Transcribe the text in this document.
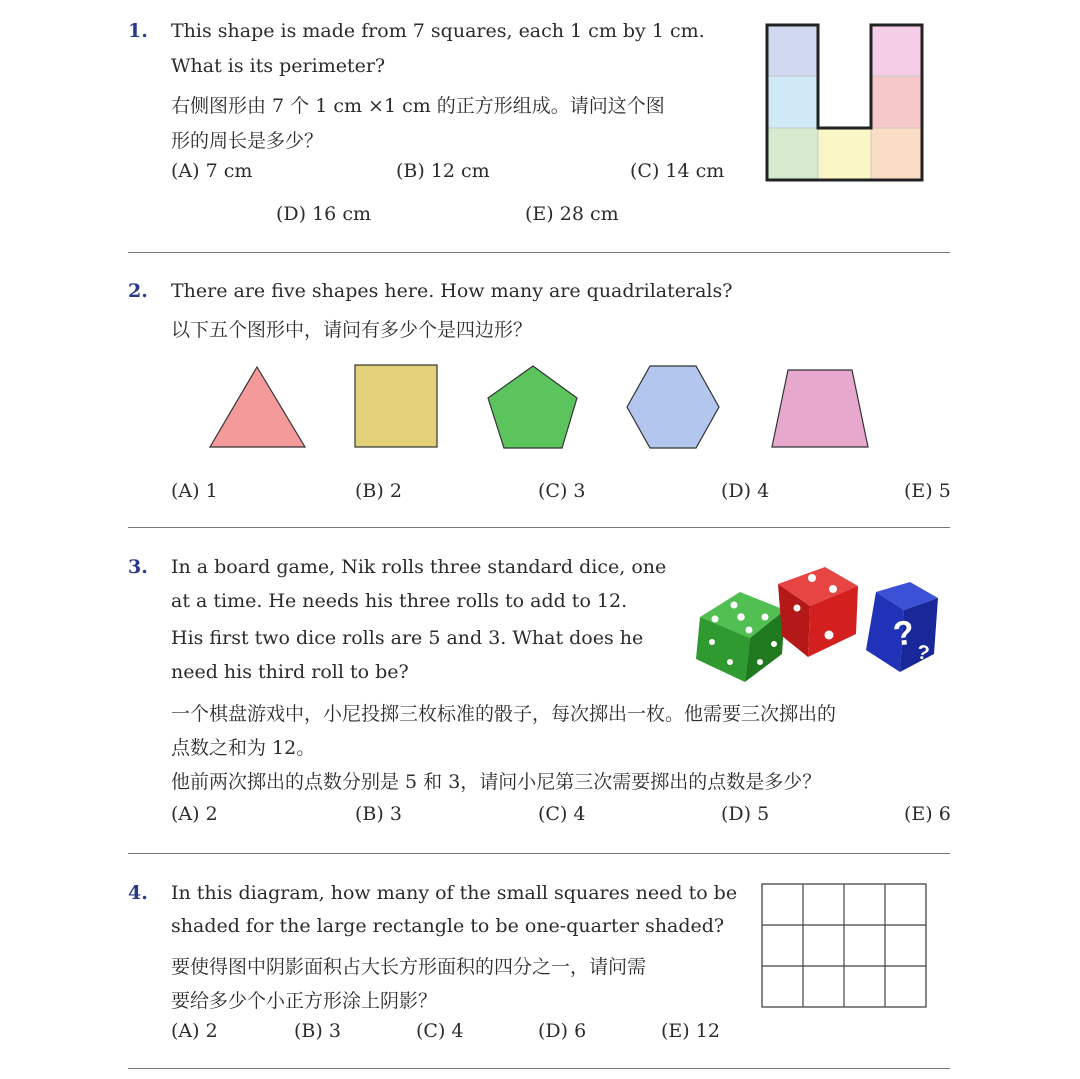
1. This shape is made from 7 squares, each 1 cm by 1 cm.
What is its perimeter?
右侧图形由 7 个 1 cm ×1 cm 的正方形组成。请问这个图
形的周长是多少？
(A) 7 cm	(B) 12 cm	(C) 14 cm
(D) 16 cm	(E) 28 cm
2. There are five shapes here. How many are quadrilaterals?
以下五个图形中，请问有多少个是四边形？
(A) 1	(B) 2	(C) 3	(D) 4	(E) 5
3. In a board game, Nik rolls three standard dice, one
at a time. He needs his three rolls to add to 12.
His first two dice rolls are 5 and 3. What does he
need his third roll to be?
一个棋盘游戏中，小尼投掷三枚标准的骰子，每次掷出一枚。他需要三次掷出的
点数之和为 12。
他前两次掷出的点数分别是 5 和 3，请问小尼第三次需要掷出的点数是多少？
?
?
(A) 2	(B) 3	(C) 4	(D) 5	(E) 6
4. In this diagram, how many of the small squares need to be
shaded for the large rectangle to be one-quarter shaded?
要使得图中阴影面积占大长方形面积的四分之一，请问需
要给多少个小正方形涂上阴影？
(A) 2	(B) 3	(C) 4	(D) 6	(E) 12
